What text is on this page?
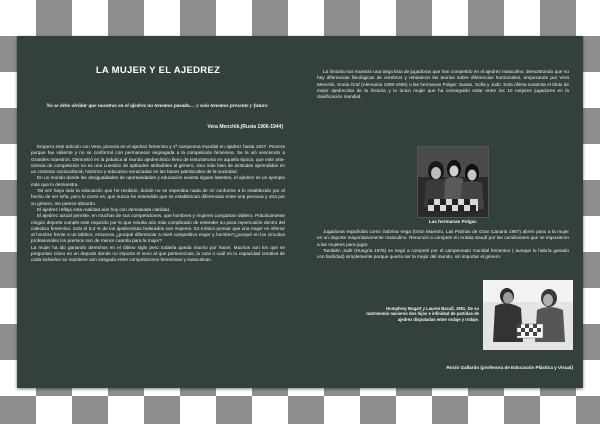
LA MUJER Y EL AJEDREZ
No se debe olvidar que nosotras en el ajedrez no tenemos pasado… y solo tenemos presente y futuro
Vera Menchik,(Rusia 1906-1944)

Empezo este articulo con Vera, pionera en el ajedrez femenino y 1ª campeona mundial en ajedrez hasta 1927. Pionera porque fue valiente y no se conformó con permanecer segregada a la competición femenina. Se la vió venciendo a Grandes maestros. Demostró en la práctica al mundo ajedrecístico lleno de testosterona en aquella época, que este arte-ciencia de competición no es una cuestión de aptitudes atribuibles al género, sino más bien de actitudes aprendidas en un contexto sociocultural, histórico y educativo enraizadas en las bases patriarcales de la sociedad.

En un mundo donde las desigualdades de oportunidades y educación sexista siguen latentes, el ajedrez es un ejemplo más que lo demuestra.

Tal vez haya sido la educación que he recibido, donde no se esperaba nada de mí conforme a lo establecido por el hecho de ser niña, pero lo cierto es, que nunca he entendido que se establezcan diferencias entre una persona y otra por su género, me parece absurdo.

El ajedrez refleja esta realidad aún hoy con demasiada claridad.

El ajedrez actual permite, en muchas de sus competiciones, que hombres y mujeres compartan tablero. Prácticamente ningún deporte cumple este requisito por lo que resulta aún más complicado de entender su poca repercusión dentro del colectivo femenino. Solo el 8,4 % de los ajedrecistas federados son mujeres. Es Irónico pensar que una mujer es inferior al hombre frente a un tablero, entonces ¿porqué diferenciar a nivel competitivo mujer y hombre?¿porqué en los circuitos profesionales los premios son de menor cuantía para la mujer?

La mujer ha ido ganando derechos en el último siglo pero todavía queda mucho por hacer. Muchos son los que se preguntan cómo en un deporte donde no importa el sexo al que pertenezcas, la raza o cuál es tu capacidad creativa de cada individuo se mantiene aún sesgada entre competiciones femeninas y masculinas.

La historia nos muestra una larga lista de jugadoras que han competido en el ajedrez masculino, demostrando que no hay diferencias fisiológicas de cerebros y rebatieron las teorías sobre diferencias hormonales, empezando por Vera Menchik, Sonia Graf (Alemania 1908-1965) o las hermanas Polgar: Susan, Sofia y Judit. Esta última sustenta el título de mejor ajedrecista de la historia y la única mujer que ha conseguido estar entre los 10 mejores jugadores en la clasificación mundial.

Las hermanas Polgar.

Jugadoras españolas como Sabrina Vega (Gran Maestro, Las Palmas de Gran Canaria 1987) abren paso a la mujer en un deporte mayoritariamente masculino. Renunció a competir en Arabia Saudí por las condiciones que se impusieron a las mujeres para jugar.

También Judit (Hungría 1976) se negó a competir por el campeonato mundial femenino ( aunque lo habría ganado con facilidad) simplemente porque quería ser la mejor del mundo, sin importar el género.

Humphrey Bogart y Lauren Bacall, 1951. De su matrimonio nacieron dos hijos e infinidad de partidas de ajedrez disputadas entre rodaje y rodaje.
Rocío Gallardo (profesora de Educación Plástica y Visual)
